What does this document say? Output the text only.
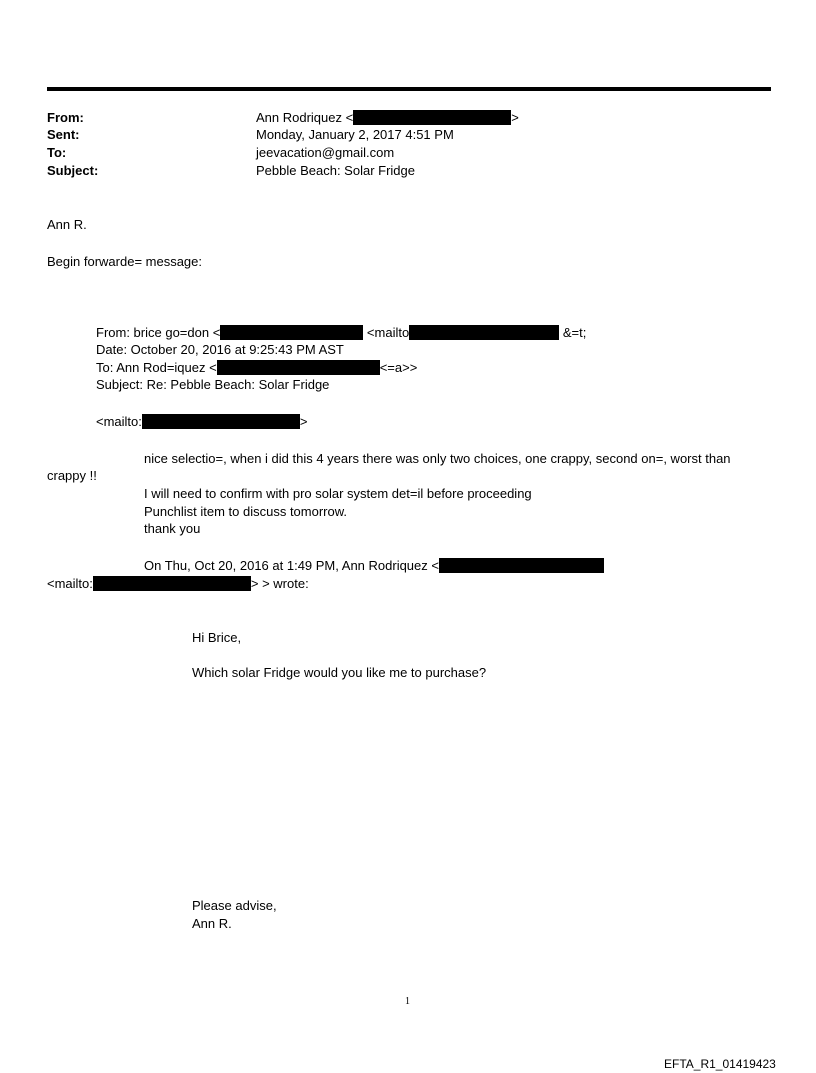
From:	Ann Rodriquez <	>
Sent:	Monday, January 2, 2017 4:51 PM
To:	jeevacation@gmail.com
Subject:	Pebble Beach: Solar Fridge
Ann R.
Begin forwarde= message:
From: brice go=don <	<mailto	&=t;
Date: October 20, 2016 at 9:25:43 PM AST
To: Ann Rod=iquez <	<=a>>
Subject: Re: Pebble Beach: Solar Fridge
<mailto:	>
nice selectio=, when i did this 4 years there was only two choices, one crappy, second on=, worst than
crappy !!
I will need to confirm with pro solar system det=il before proceeding
Punchlist item to discuss tomorrow.
thank you
On Thu, Oct 20, 2016 at 1:49 PM, Ann Rodriquez <
<mailto:	> > wrote:
Hi Brice,
Which solar Fridge would you like me to purchase?
Please advise,
Ann R.
1
EFTA_R1_01419423
